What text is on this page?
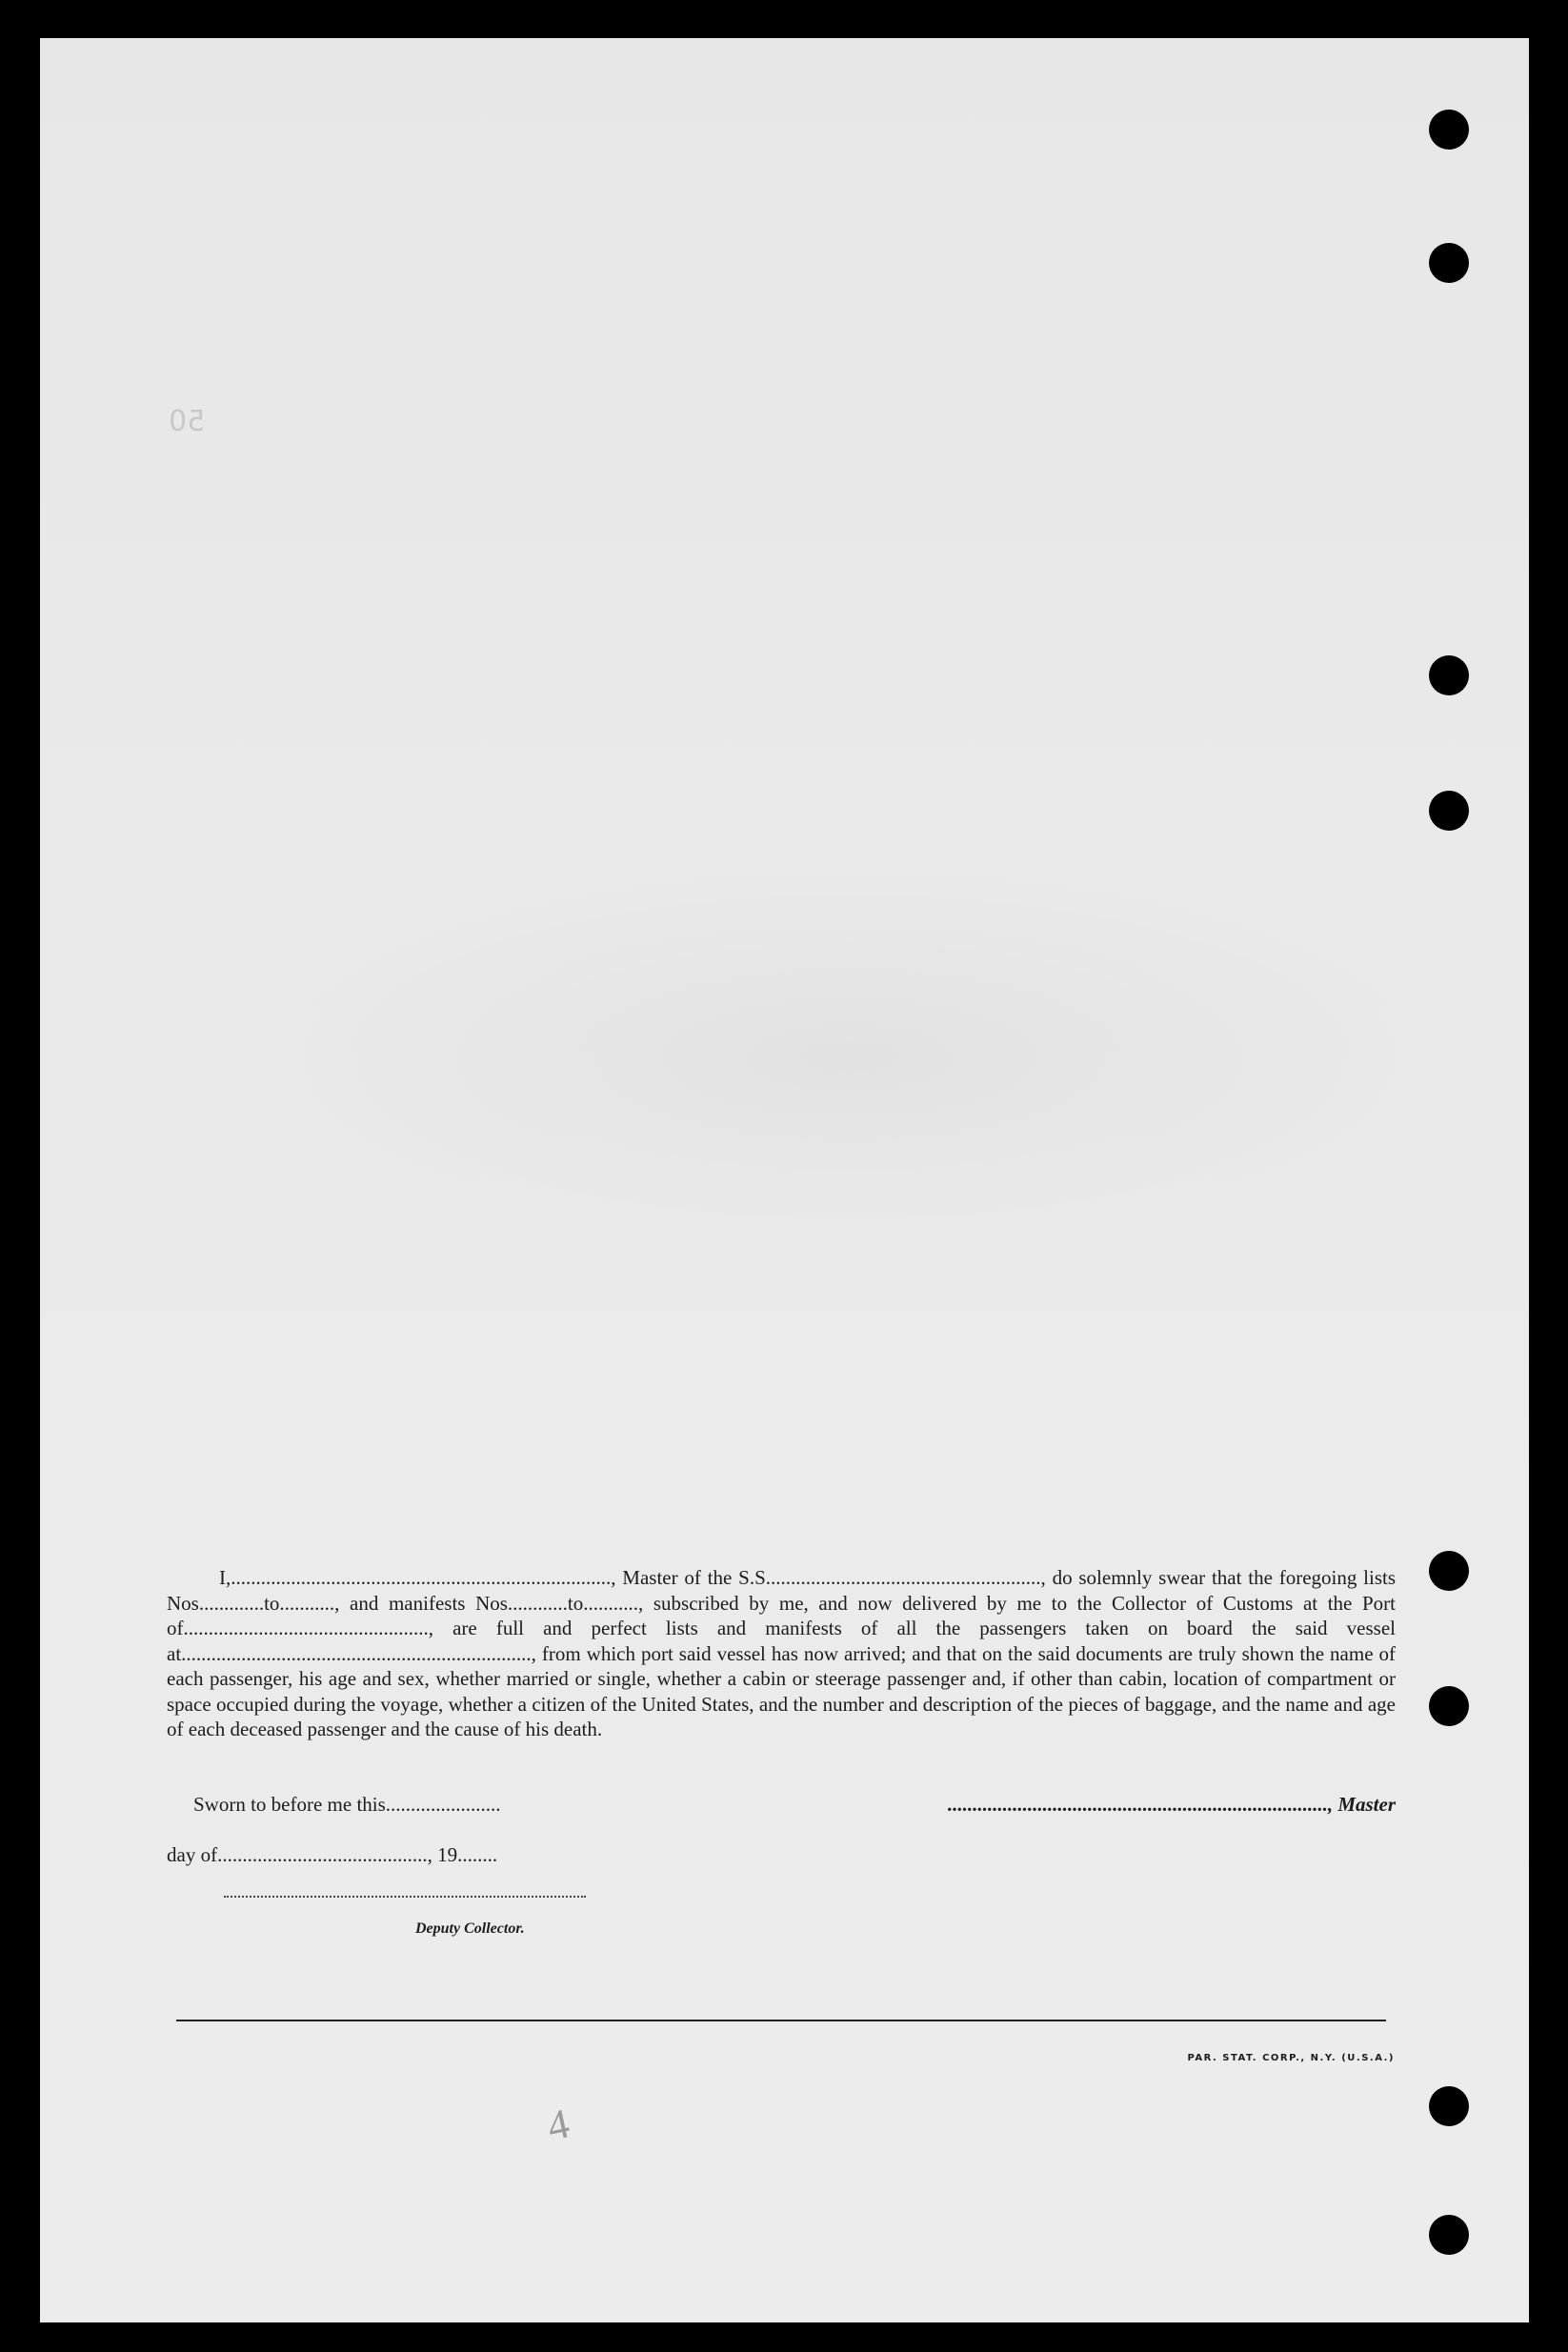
50

I,............................................................................, Master of the S.S......................................................., do solemnly swear that the foregoing lists Nos.............to..........., and manifests Nos............to..........., subscribed by me, and now delivered by me to the Collector of Customs at the Port of................................................., are full and perfect lists and manifests of all the passengers taken on board the said vessel at......................................................................, from which port said vessel has now arrived; and that on the said documents are truly shown the name of each passenger, his age and sex, whether married or single, whether a cabin or steerage passenger and, if other than cabin, location of compartment or space occupied during the voyage, whether a citizen of the United States, and the number and description of the pieces of baggage, and the name and age of each deceased passenger and the cause of his death.

Sworn to before me this.......................	............................................................................, Master
day of.........................................., 19........
Deputy Collector.
PAR. STAT. CORP., N.Y. (U.S.A.)
4
